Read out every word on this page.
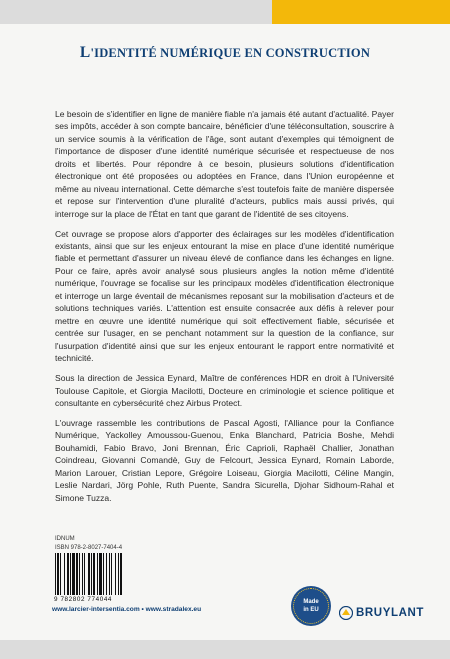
L'IDENTITÉ NUMÉRIQUE EN CONSTRUCTION

Le besoin de s'identifier en ligne de manière fiable n'a jamais été autant d'actualité. Payer ses impôts, accéder à son compte bancaire, bénéficier d'une téléconsultation, souscrire à un service soumis à la vérification de l'âge, sont autant d'exemples qui témoignent de l'importance de disposer d'une identité numérique sécurisée et respectueuse de nos droits et libertés. Pour répondre à ce besoin, plusieurs solutions d'identification électronique ont été proposées ou adoptées en France, dans l'Union européenne et même au niveau international. Cette démarche s'est toutefois faite de manière dispersée et repose sur l'intervention d'une pluralité d'acteurs, publics mais aussi privés, qui interroge sur la place de l'État en tant que garant de l'identité de ses citoyens.

Cet ouvrage se propose alors d'apporter des éclairages sur les modèles d'identification existants, ainsi que sur les enjeux entourant la mise en place d'une identité numérique fiable et permettant d'assurer un niveau élevé de confiance dans les échanges en ligne. Pour ce faire, après avoir analysé sous plusieurs angles la notion même d'identité numérique, l'ouvrage se focalise sur les principaux modèles d'identification électronique et interroge un large éventail de mécanismes reposant sur la mobilisation d'acteurs et de solutions techniques variés. L'attention est ensuite consacrée aux défis à relever pour mettre en œuvre une identité numérique qui soit effectivement fiable, sécurisée et centrée sur l'usager, en se penchant notamment sur la question de la confiance, sur l'usurpation d'identité ainsi que sur les enjeux entourant le rapport entre normativité et technicité.

Sous la direction de Jessica Eynard, Maître de conférences HDR en droit à l'Université Toulouse Capitole, et Giorgia Macilotti, Docteure en criminologie et science politique et consultante en cybersécurité chez Airbus Protect.

L'ouvrage rassemble les contributions de Pascal Agosti, l'Alliance pour la Confiance Numérique, Yackolley Amoussou-Guenou, Enka Blanchard, Patricia Boshe, Mehdi Bouhamidi, Fabio Bravo, Joni Brennan, Éric Caprioli, Raphaël Challier, Jonathan Coindreau, Giovanni Comandè, Guy de Felcourt, Jessica Eynard, Romain Laborde, Marion Larouer, Cristian Lepore, Grégoire Loiseau, Giorgia Macilotti, Céline Mangin, Leslie Nardari, Jörg Pohle, Ruth Puente, Sandra Sicurella, Djohar Sidhoum-Rahal et Simone Tuzza.

IDNUM
ISBN 978-2-8027-7404-4
9 782802 774044	Made
in EU
www.larcier-intersentia.com • www.stradalex.eu	BRUYLANT
